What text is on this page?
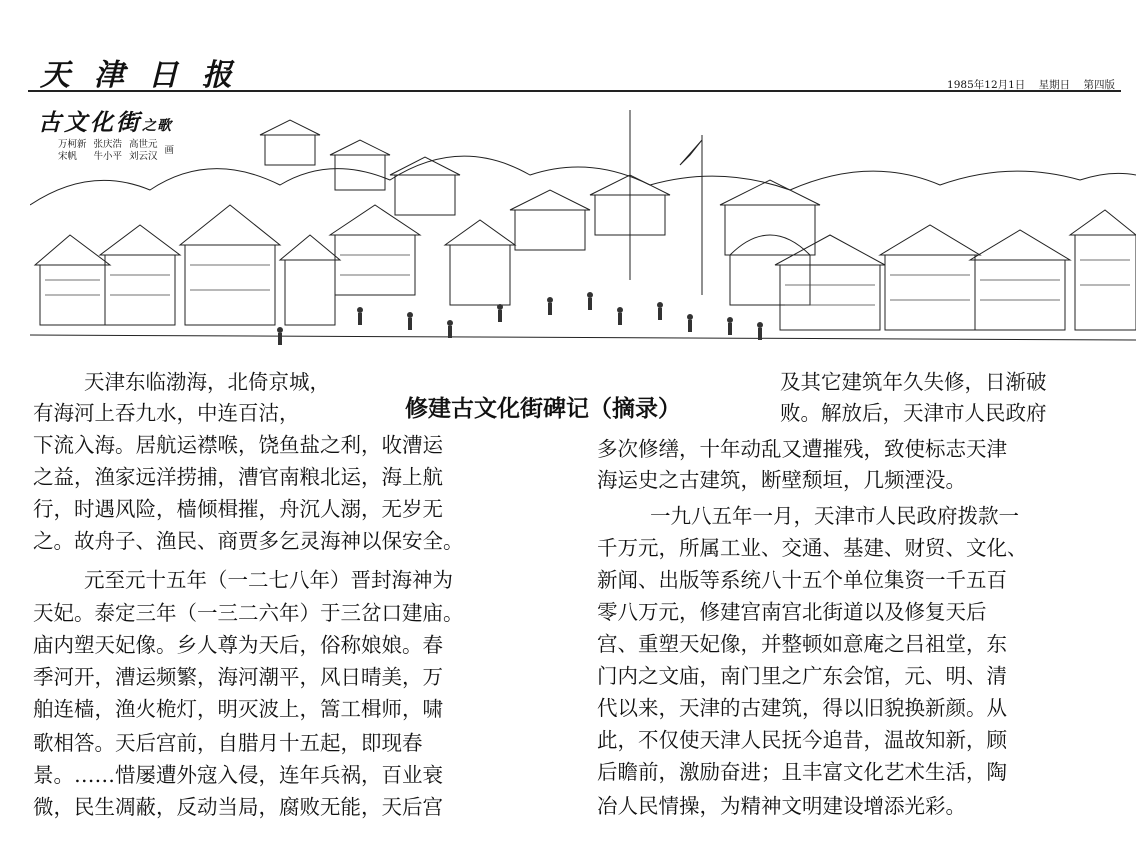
天津日报	1985年12月1日 星期日 第四版
古文化街之歌
万柯新
宋帆
张庆浩
牛小平
高世元
刘云汉
画
修建古文化街碑记（摘录）
天津东临渤海，北倚京城，
有海河上吞九水，中连百沽，
下流入海。居航运襟喉，饶鱼盐之利，收漕运
之益，渔家远洋捞捕，漕官南粮北运，海上航
行，时遇风险，樯倾楫摧，舟沉人溺，无岁无
之。故舟子、渔民、商贾多乞灵海神以保安全。
元至元十五年（一二七八年）晋封海神为
天妃。泰定三年（一三二六年）于三岔口建庙。
庙内塑天妃像。乡人尊为天后，俗称娘娘。春
季河开，漕运频繁，海河潮平，风日晴美，万
舶连樯，渔火桅灯，明灭波上，篙工楫师，啸
歌相答。天后宫前，自腊月十五起，即现春
景。……惜屡遭外寇入侵，连年兵祸，百业衰
微，民生凋蔽，反动当局，腐败无能，天后宫
及其它建筑年久失修，日渐破
败。解放后，天津市人民政府
多次修缮，十年动乱又遭摧残，致使标志天津
海运史之古建筑，断壁颓垣，几频湮没。
一九八五年一月，天津市人民政府拨款一
千万元，所属工业、交通、基建、财贸、文化、
新闻、出版等系统八十五个单位集资一千五百
零八万元，修建宫南宫北街道以及修复天后
宫、重塑天妃像，并整顿如意庵之吕祖堂，东
门内之文庙，南门里之广东会馆，元、明、清
代以来，天津的古建筑，得以旧貌换新颜。从
此，不仅使天津人民抚今追昔，温故知新，顾
后瞻前，激励奋进；且丰富文化艺术生活，陶
冶人民情操，为精神文明建设增添光彩。
